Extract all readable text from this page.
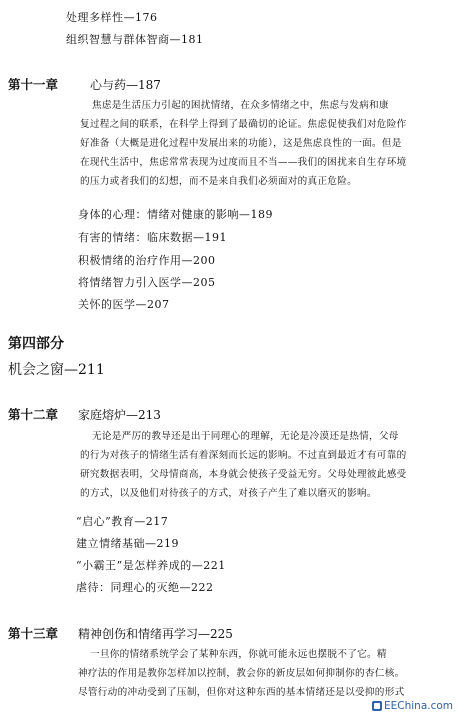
处理多样性—176
组织智慧与群体智商—181
第十一章	心与药—187
焦虑是生活压力引起的困扰情绪，在众多情绪之中，焦虑与发病和康
复过程之间的联系，在科学上得到了最确切的论证。焦虑促使我们对危险作
好准备（大概是进化过程中发展出来的功能），这是焦虑良性的一面。但是
在现代生活中，焦虑常常表现为过度而且不当——我们的困扰来自生存环境
的压力或者我们的幻想，而不是来自我们必须面对的真正危险。
身体的心理：情绪对健康的影响—189
有害的情绪：临床数据—191
积极情绪的治疗作用—200
将情绪智力引入医学—205
关怀的医学—207
第四部分
机会之窗—211
第十二章 家庭熔炉—213
无论是严厉的教导还是出于同理心的理解，无论是冷漠还是热情，父母
的行为对孩子的情绪生活有着深刻而长远的影响。不过直到最近才有可靠的
研究数据表明，父母情商高，本身就会使孩子受益无穷。父母处理彼此感受
的方式，以及他们对待孩子的方式，对孩子产生了难以磨灭的影响。
“启心”教育—217
建立情绪基础—219
“小霸王”是怎样养成的—221
虐待：同理心的灭绝—222
第十三章 精神创伤和情绪再学习—225
一旦你的情绪系统学会了某种东西，你就可能永远也摆脱不了它。精
神疗法的作用是教你怎样加以控制，教会你的新皮层如何抑制你的杏仁核。
尽管行动的冲动受到了压制，但你对这种东西的基本情绪还是以受抑的形式
EEChina.com
